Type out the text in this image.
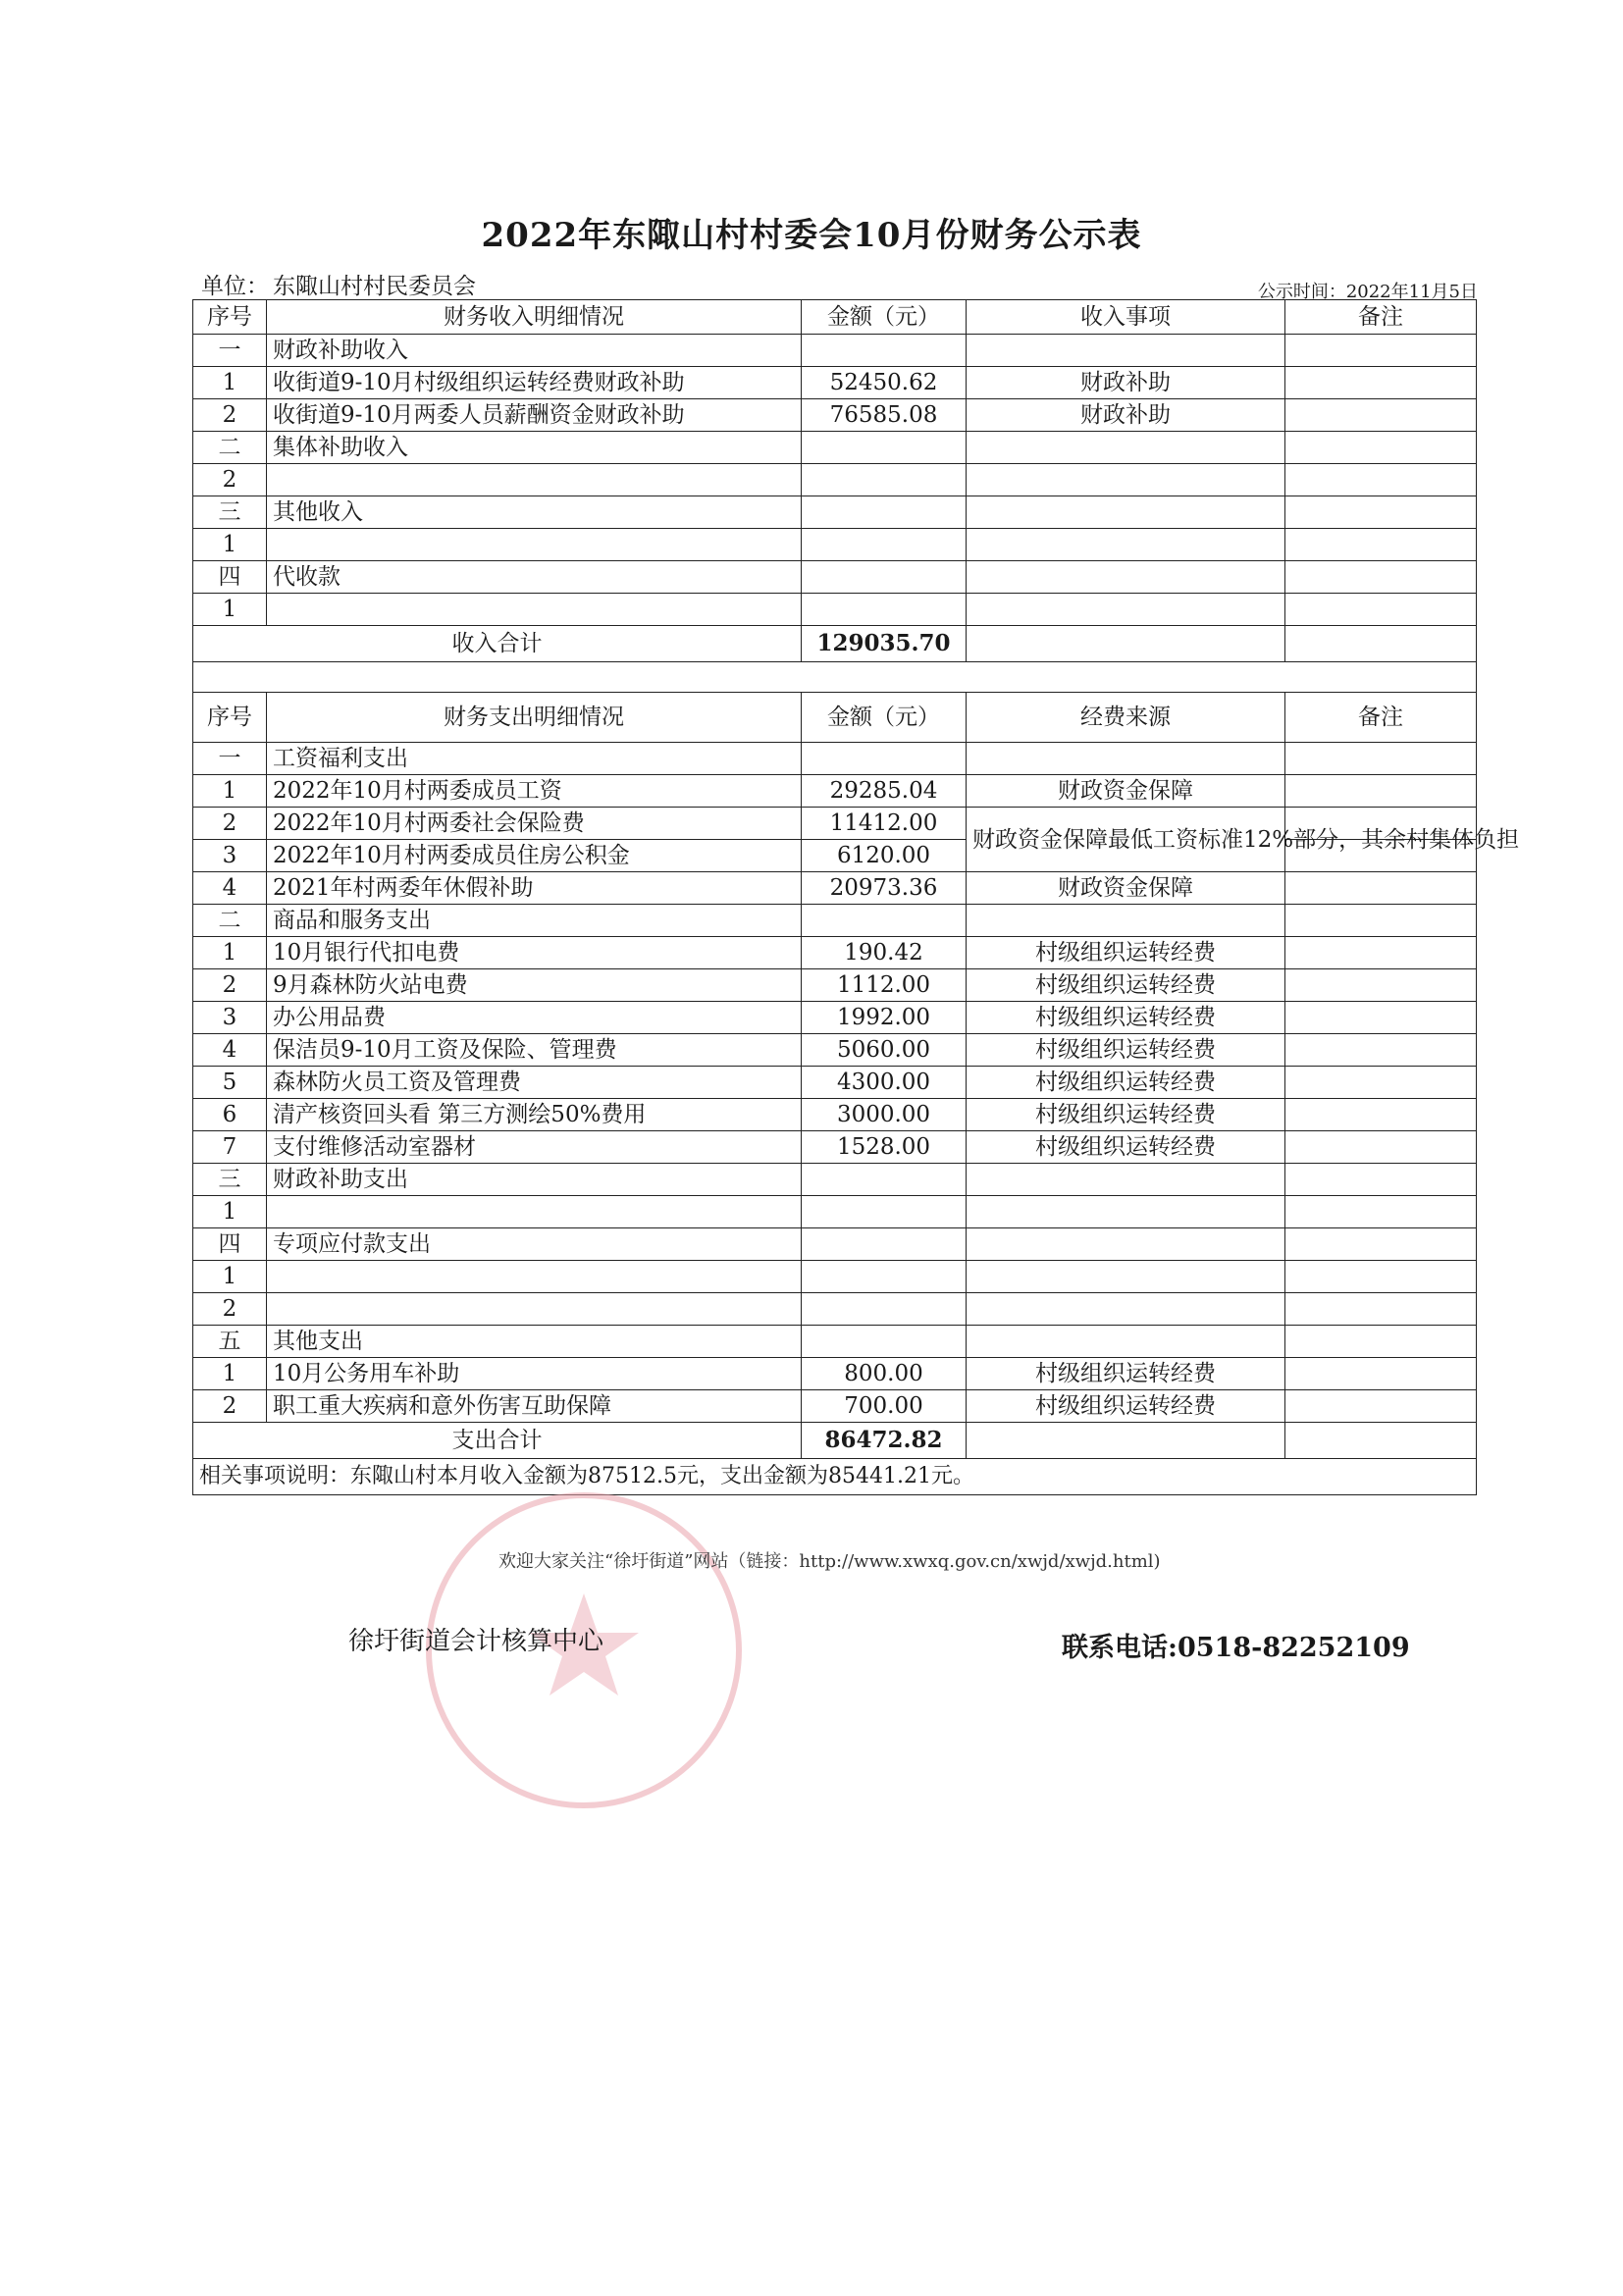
2022年东陬山村村委会10月份财务公示表
单位： 东陬山村村民委员会	公示时间：2022年11月5日
序号	财务收入明细情况	金额（元）	收入事项	备注
一	财政补助收入			
1	收街道9-10月村级组织运转经费财政补助	52450.62	财政补助	
2	收街道9-10月两委人员薪酬资金财政补助	76585.08	财政补助	
二	集体补助收入			
2				
三	其他收入			
1				
四	代收款			
1				
收入合计		129035.70		

序号	财务支出明细情况	金额（元）	经费来源	备注
一	工资福利支出			
1	2022年10月村两委成员工资	29285.04	财政资金保障	
2	2022年10月村两委社会保险费	11412.00	财政资金保障最低工资标准12%部分，其余村集体负担	
3	2022年10月村两委成员住房公积金	6120.00		
4	2021年村两委年休假补助	20973.36	财政资金保障	
二	商品和服务支出			
1	10月银行代扣电费	190.42	村级组织运转经费	
2	9月森林防火站电费	1112.00	村级组织运转经费	
3	办公用品费	1992.00	村级组织运转经费	
4	保洁员9-10月工资及保险、管理费	5060.00	村级组织运转经费	
5	森林防火员工资及管理费	4300.00	村级组织运转经费	
6	清产核资回头看 第三方测绘50%费用	3000.00	村级组织运转经费	
7	支付维修活动室器材	1528.00	村级组织运转经费	
三	财政补助支出			
1				
四	专项应付款支出			
1				
2				
五	其他支出			
1	10月公务用车补助	800.00	村级组织运转经费	
2	职工重大疾病和意外伤害互助保障	700.00	村级组织运转经费	
支出合计		86472.82		
相关事项说明：东陬山村本月收入金额为87512.5元，支出金额为85441.21元。				
欢迎大家关注“徐圩街道”网站（链接：http://www.xwxq.gov.cn/xwjd/xwjd.html)
徐圩街道会计核算中心	联系电话:0518-82252109
